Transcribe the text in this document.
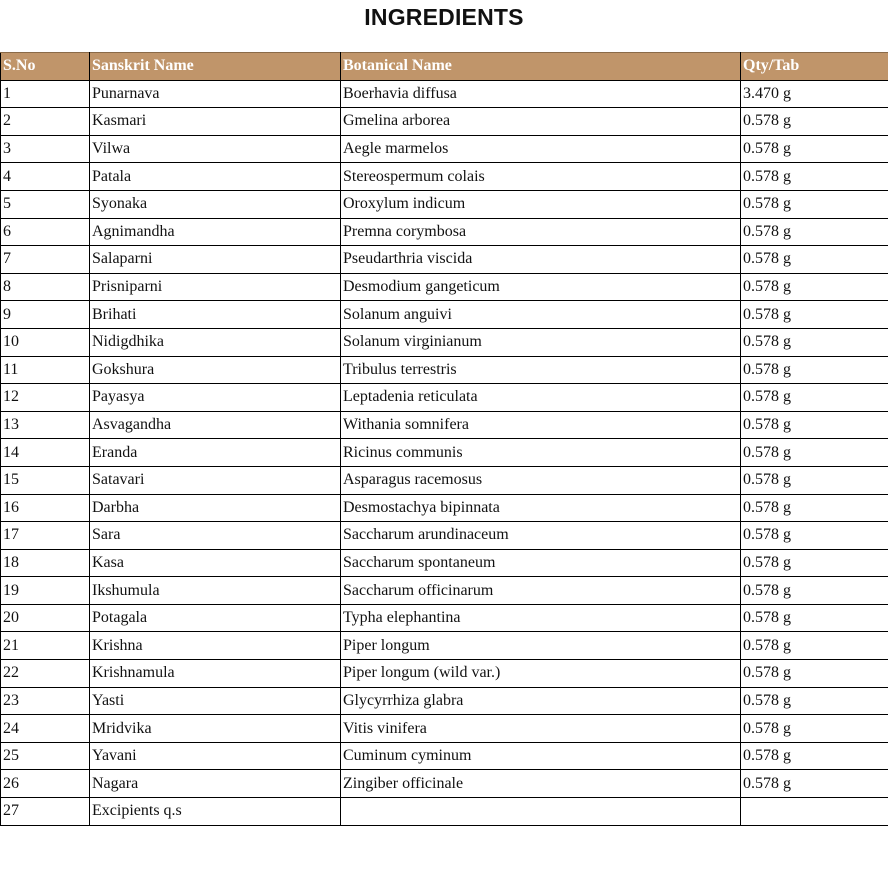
INGREDIENTS
S.No	Sanskrit Name	Botanical Name	Qty/Tab
1	Punarnava	Boerhavia diffusa	3.470 g
2	Kasmari	Gmelina arborea	0.578 g
3	Vilwa	Aegle marmelos	0.578 g
4	Patala	Stereospermum colais	0.578 g
5	Syonaka	Oroxylum indicum	0.578 g
6	Agnimandha	Premna corymbosa	0.578 g
7	Salaparni	Pseudarthria viscida	0.578 g
8	Prisniparni	Desmodium gangeticum	0.578 g
9	Brihati	Solanum anguivi	0.578 g
10	Nidigdhika	Solanum virginianum	0.578 g
11	Gokshura	Tribulus terrestris	0.578 g
12	Payasya	Leptadenia reticulata	0.578 g
13	Asvagandha	Withania somnifera	0.578 g
14	Eranda	Ricinus communis	0.578 g
15	Satavari	Asparagus racemosus	0.578 g
16	Darbha	Desmostachya bipinnata	0.578 g
17	Sara	Saccharum arundinaceum	0.578 g
18	Kasa	Saccharum spontaneum	0.578 g
19	Ikshumula	Saccharum officinarum	0.578 g
20	Potagala	Typha elephantina	0.578 g
21	Krishna	Piper longum	0.578 g
22	Krishnamula	Piper longum (wild var.)	0.578 g
23	Yasti	Glycyrrhiza glabra	0.578 g
24	Mridvika	Vitis vinifera	0.578 g
25	Yavani	Cuminum cyminum	0.578 g
26	Nagara	Zingiber officinale	0.578 g
27	Excipients q.s		
